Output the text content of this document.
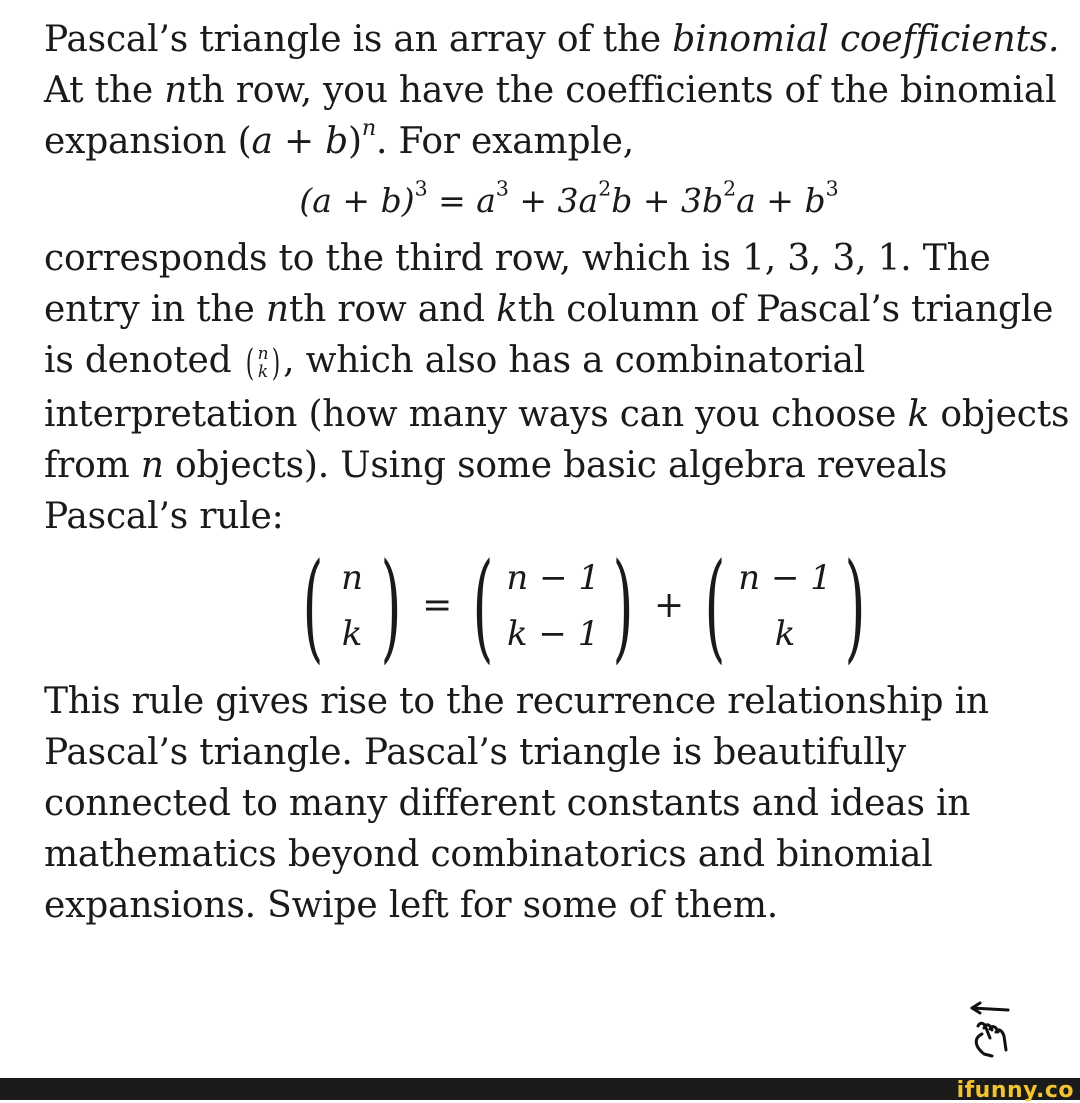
Pascal’s triangle is an array of the binomial coefficients.
At the nth row, you have the coefficients of the binomial
expansion $(a + b)^n$. For example,
$(a + b)^3 = a^3 + 3a^2b + 3b^2a + b^3$
corresponds to the third row, which is 1, 3, 3, 1. The
entry in the nth row and kth column of Pascal’s triangle
is denoted ( n
k ) , which also has a combinatorial
interpretation (how many ways can you choose k objects
from n objects). Using some basic algebra reveals
Pascal’s rule:
( n
k ) = ( n − 1
k − 1 ) + ( n − 1
k )
This rule gives rise to the recurrence relationship in
Pascal’s triangle. Pascal’s triangle is beautifully
connected to many different constants and ideas in
mathematics beyond combinatorics and binomial
expansions. Swipe left for some of them.
ifunny.co
